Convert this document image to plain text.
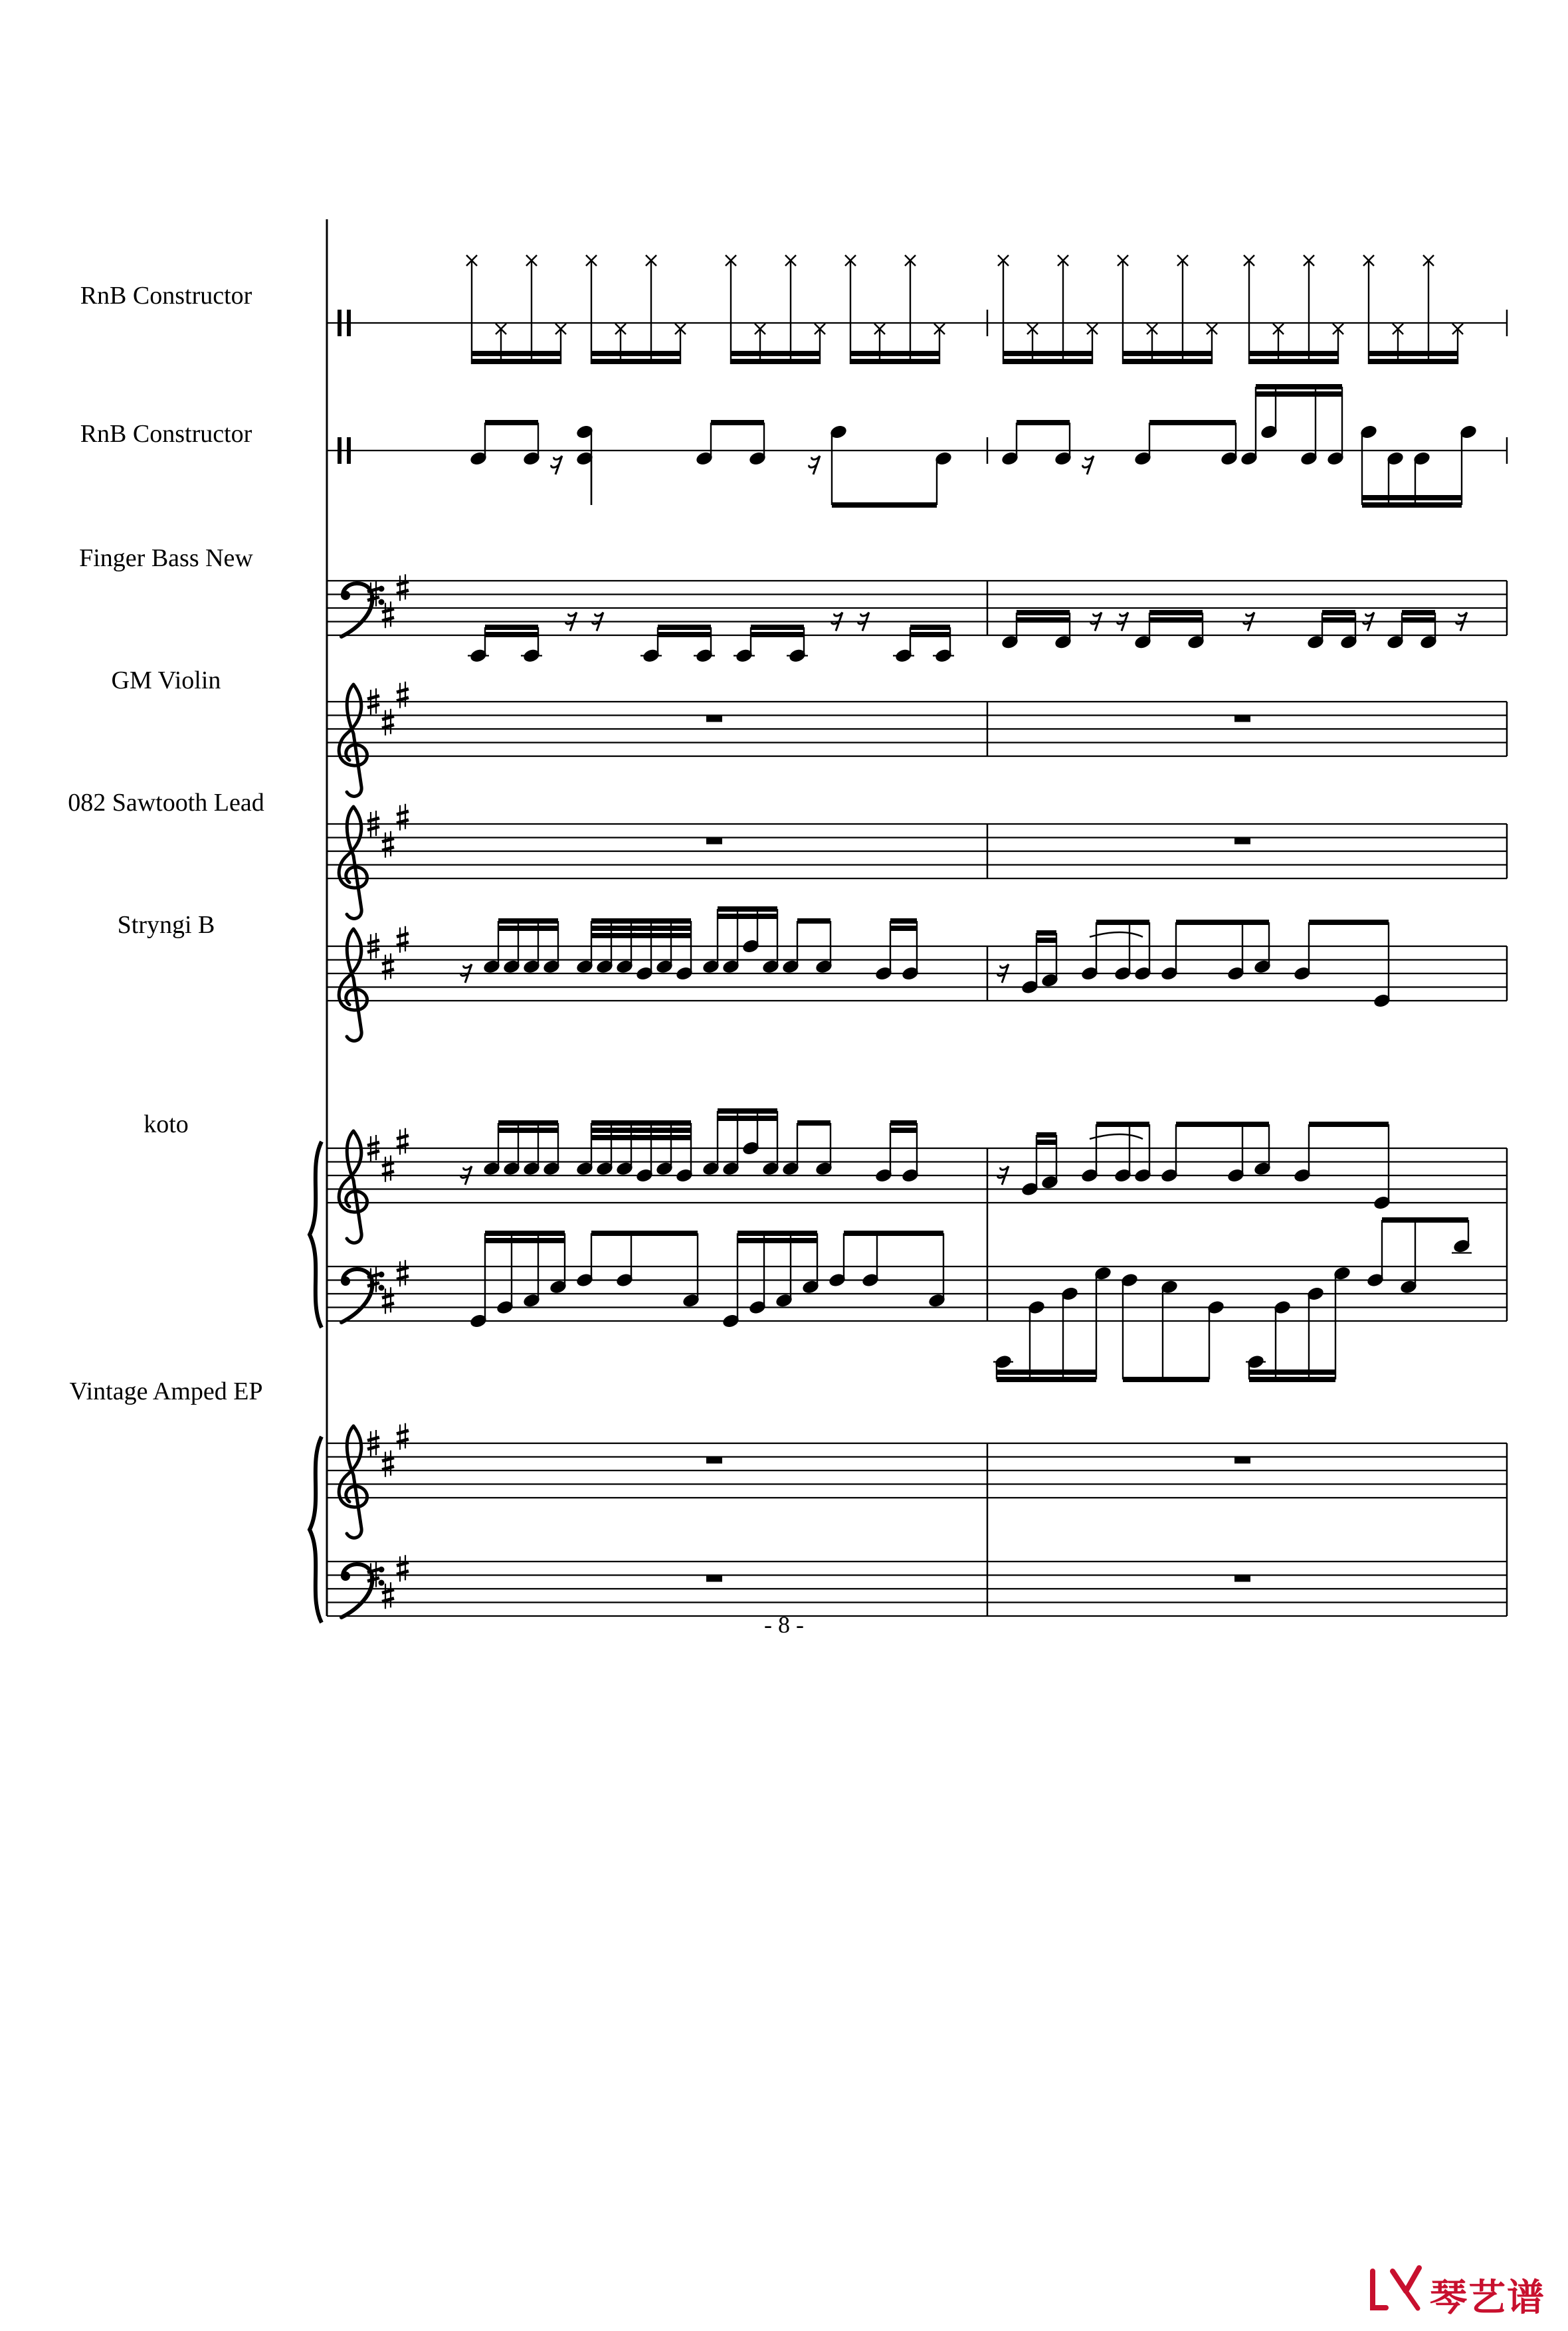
RnB Constructor
RnB Constructor
Finger Bass New
GM Violin
082 Sawtooth Lead
Stryngi B
koto
Vintage Amped EP
- 8 -
琴艺谱
